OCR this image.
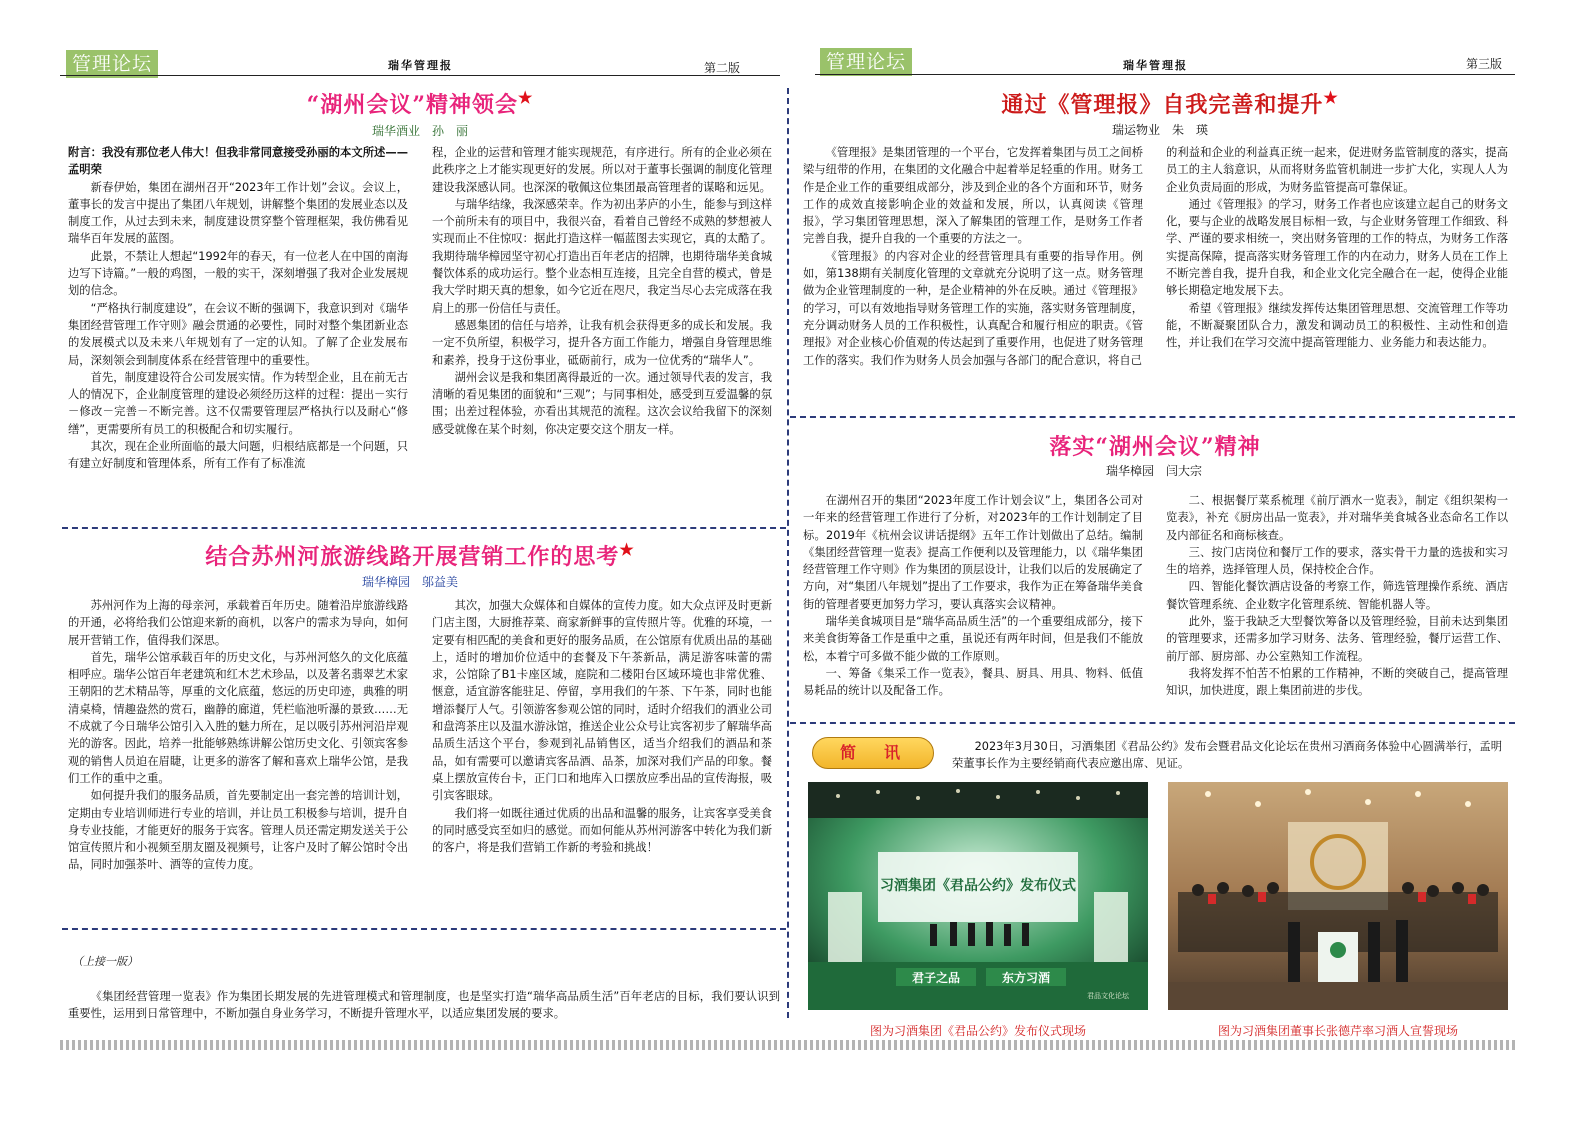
管理论坛	瑞华管理报	第二版	管理论坛	瑞华管理报	第三版
“湖州会议”精神领会★
瑞华酒业　孙　丽

附言：我没有那位老人伟大！但我非常同意接受孙丽的本文所述——孟明荣

新春伊始，集团在湖州召开“2023年工作计划”会议。会议上，董事长的发言中提出了集团八年规划，讲解整个集团的发展业态以及制度工作，从过去到未来，制度建设贯穿整个管理框架，我仿佛看见瑞华百年发展的蓝图。

此景，不禁让人想起“1992年的春天，有一位老人在中国的南海边写下诗篇。”一般的鸡图，一般的实干，深刻增强了我对企业发展规划的信念。

“严格执行制度建设”，在会议不断的强调下，我意识到对《瑞华集团经营管理工作守则》融会贯通的必要性，同时对整个集团新业态的发展模式以及未来八年规划有了一定的认知。了解了企业发展布局，深刻领会到制度体系在经营管理中的重要性。

首先，制度建设符合公司发展实情。作为转型企业，且在前无古人的情况下，企业制度管理的建设必须经历这样的过程：提出－实行－修改－完善－不断完善。这不仅需要管理层严格执行以及耐心“修缮”，更需要所有员工的积极配合和切实履行。

其次，现在企业所面临的最大问题，归根结底都是一个问题，只有建立好制度和管理体系，所有工作有了标准流

程，企业的运营和管理才能实现规范，有序进行。所有的企业必须在此秩序之上才能实现更好的发展。所以对于董事长强调的制度化管理建设我深感认同。也深深的敬佩这位集团最高管理者的谋略和远见。

与瑞华结缘，我深感荣幸。作为初出茅庐的小生，能参与到这样一个前所未有的项目中，我很兴奋，看着自己曾经不成熟的梦想被人实现而止不住惊叹：据此打造这样一幅蓝图去实现它，真的太酷了。我期待瑞华樟园坚守初心打造出百年老店的招牌，也期待瑞华美食城餐饮体系的成功运行。整个业态相互连接，且完全自营的模式，曾是我大学时期天真的想象，如今它近在咫尺，我定当尽心去完成落在我肩上的那一份信任与责任。

感恩集团的信任与培养，让我有机会获得更多的成长和发展。我一定不负所望，积极学习，提升各方面工作能力，增强自身管理思维和素养，投身于这份事业，砥砺前行，成为一位优秀的“瑞华人”。

湖州会议是我和集团离得最近的一次。通过领导代表的发言，我清晰的看见集团的面貌和“三观”；与同事相处，感受到互爱温馨的氛围；出差过程体验，亦看出其规范的流程。这次会议给我留下的深刻感受就像在某个时刻，你决定要交这个朋友一样。

结合苏州河旅游线路开展营销工作的思考★
瑞华樟园　邬益美

苏州河作为上海的母亲河，承载着百年历史。随着沿岸旅游线路的开通，必将给我们公馆迎来新的商机，以客户的需求为导向，如何展开营销工作，值得我们深思。

首先，瑞华公馆承载百年的历史文化，与苏州河悠久的文化底蕴相呼应。瑞华公馆百年老建筑和红木艺术珍品，以及著名翡翠艺术家王朝阳的艺术精品等，厚重的文化底蕴，悠远的历史印迹，典雅的明清桌椅，情趣盎然的赏石，幽静的廊道，凭栏临池听瀑的景致……无不成就了今日瑞华公馆引入入胜的魅力所在，足以吸引苏州河沿岸观光的游客。因此，培养一批能够熟练讲解公馆历史文化、引领宾客参观的销售人员迫在眉睫，让更多的游客了解和喜欢上瑞华公馆，是我们工作的重中之重。

如何提升我们的服务品质，首先要制定出一套完善的培训计划，定期由专业培训师进行专业的培训，并让员工积极参与培训，提升自身专业技能，才能更好的服务于宾客。管理人员还需定期发送关于公馆宣传照片和小视频至朋友圈及视频号，让客户及时了解公馆时令出品，同时加强茶叶、酒等的宣传力度。

其次，加强大众媒体和自媒体的宣传力度。如大众点评及时更新门店主图，大厨推荐菜、商家新鲜事的宣传照片等。优雅的环境，一定要有相匹配的美食和更好的服务品质，在公馆原有优质出品的基础上，适时的增加价位适中的套餐及下午茶新品，满足游客味蕾的需求，公馆除了B1卡座区域，庭院和二楼阳台区域环境也非常优雅、惬意，适宜游客能驻足、停留，享用我们的午茶、下午茶，同时也能增添餐厅人气。引领游客参观公馆的同时，适时介绍我们的酒业公司和盘湾茶庄以及温水游泳馆，推送企业公众号让宾客初步了解瑞华高品质生活这个平台，参观到礼品销售区，适当介绍我们的酒品和茶品，如有需要可以邀请宾客品酒、品茶，加深对我们产品的印象。餐桌上摆放宣传台卡，正门口和地库入口摆放应季出品的宣传海报，吸引宾客眼球。

我们将一如既往通过优质的出品和温馨的服务，让宾客享受美食的同时感受宾至如归的感觉。而如何能从苏州河游客中转化为我们新的客户，将是我们营销工作新的考验和挑战！

（上接一版）

《集团经营管理一览表》作为集团长期发展的先进管理模式和管理制度，也是坚实打造“瑞华高品质生活”百年老店的目标，我们要认识到重要性，运用到日常管理中，不断加强自身业务学习，不断提升管理水平，以适应集团发展的要求。

通过《管理报》自我完善和提升★
瑞运物业　朱　瑛

《管理报》是集团管理的一个平台，它发挥着集团与员工之间桥梁与纽带的作用，在集团的文化融合中起着举足轻重的作用。财务工作是企业工作的重要组成部分，涉及到企业的各个方面和环节，财务工作的成效直接影响企业的效益和发展，所以，认真阅读《管理报》，学习集团管理思想，深入了解集团的管理工作，是财务工作者完善自我，提升自我的一个重要的方法之一。

《管理报》的内容对企业的经营管理具有重要的指导作用。例如，第138期有关制度化管理的文章就充分说明了这一点。财务管理做为企业管理制度的一种，是企业精神的外在反映。通过《管理报》的学习，可以有效地指导财务管理工作的实施，落实财务管理制度，充分调动财务人员的工作积极性，认真配合和履行相应的职责。《管理报》对企业核心价值观的传达起到了重要作用，也促进了财务管理工作的落实。我们作为财务人员会加强与各部门的配合意识，将自己

的利益和企业的利益真正统一起来，促进财务监管制度的落实，提高员工的主人翁意识，从而将财务监管机制进一步扩大化，实现人人为企业负责局面的形成，为财务监管提高可靠保证。

通过《管理报》的学习，财务工作者也应该建立起自己的财务文化，要与企业的战略发展目标相一致，与企业财务管理工作细致、科学、严谨的要求相统一，突出财务管理的工作的特点，为财务工作落实提高保障，提高落实财务管理工作的内在动力，财务人员在工作上不断完善自我，提升自我，和企业文化完全融合在一起，使得企业能够长期稳定地发展下去。

希望《管理报》继续发挥传达集团管理思想、交流管理工作等功能，不断凝聚团队合力，激发和调动员工的积极性、主动性和创造性，并让我们在学习交流中提高管理能力、业务能力和表达能力。

落实“湖州会议”精神
瑞华樟园　闫大宗

在湖州召开的集团“2023年度工作计划会议”上，集团各公司对一年来的经营管理工作进行了分析，对2023年的工作计划制定了目标。2019年《杭州会议讲话提纲》五年工作计划做出了总结。编制《集团经营管理一览表》提高工作便利以及管理能力，以《瑞华集团经营管理工作守则》作为集团的顶层设计，让我们以后的发展确定了方向，对“集团八年规划”提出了工作要求，我作为正在筹备瑞华美食街的管理者要更加努力学习，要认真落实会议精神。

瑞华美食城项目是“瑞华高品质生活”的一个重要组成部分，接下来美食街筹备工作是重中之重，虽说还有两年时间，但是我们不能放松，本着宁可多做不能少做的工作原则。

一、筹备《集采工作一览表》，餐具、厨具、用具、物料、低值易耗品的统计以及配备工作。

二、根据餐厅菜系梳理《前厅酒水一览表》，制定《组织架构一览表》，补充《厨房出品一览表》，并对瑞华美食城各业态命名工作以及内部征名和商标核查。

三、按门店岗位和餐厅工作的要求，落实骨干力量的选拔和实习生的培养，选择管理人员，保持校企合作。

四、智能化餐饮酒店设备的考察工作，筛选管理操作系统、酒店餐饮管理系统、企业数字化管理系统、智能机器人等。

此外，鉴于我缺乏大型餐饮筹备以及管理经验，目前未达到集团的管理要求，还需多加学习财务、法务、管理经验，餐厅运营工作、前厅部、厨房部、办公室熟知工作流程。

我将发挥不怕苦不怕累的工作精神，不断的突破自己，提高管理知识，加快进度，跟上集团前进的步伐。

简　讯	2023年3月30日，习酒集团《君品公约》发布会暨君品文化论坛在贵州习酒商务体验中心圆满举行，孟明荣董事长作为主要经销商代表应邀出席、见证。

习酒集团《君品公约》发布仪式
君子之品	东方习酒
君品文化论坛
图为习酒集团《君品公约》发布仪式现场	图为习酒集团董事长张德芹率习酒人宣誓现场
